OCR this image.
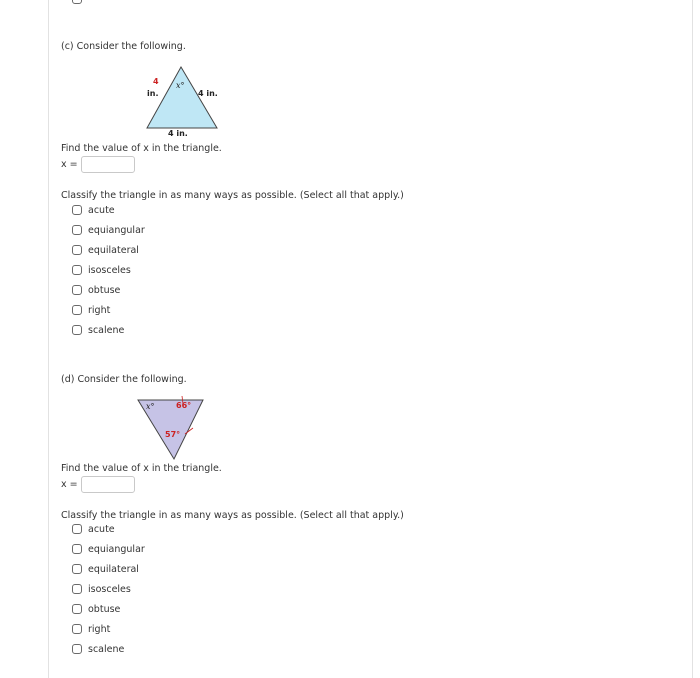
(c) Consider the following.
4
in.
x°
4 in.
4 in.
Find the value of x in the triangle.
x =
Classify the triangle in as many ways as possible. (Select all that apply.)
acute
equiangular
equilateral
isosceles
obtuse
right
scalene
(d) Consider the following.
x°	66°
57°
Find the value of x in the triangle.
x =
Classify the triangle in as many ways as possible. (Select all that apply.)
acute
equiangular
equilateral
isosceles
obtuse
right
scalene
